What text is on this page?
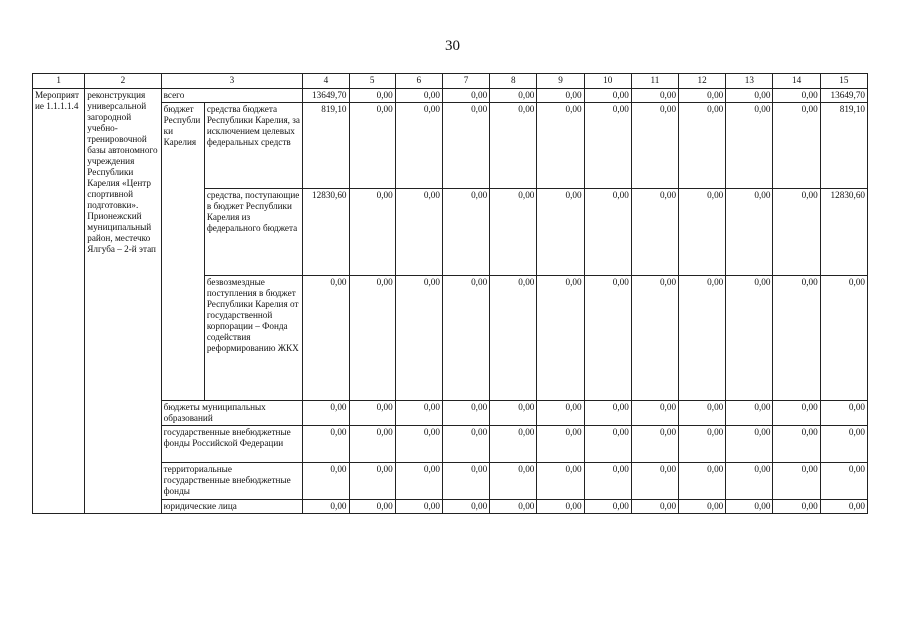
30
1	2	3		4	5	6	7	8	9	10	11	12	13	14	15
Мероприятие 1.1.1.1.4	реконструкция универсальной загородной учебно-тренировочной базы автономного учреждения Республики Карелия «Центр спортивной подготовки». Прионежский муниципальный район, местечко Ялгуба – 2-й этап	всего		13649,70	0,00	0,00	0,00	0,00	0,00	0,00	0,00	0,00	0,00	0,00	13649,70
		бюджет Республики Карелия	средства бюджета Республики Карелия, за исключением целевых федеральных средств	819,10	0,00	0,00	0,00	0,00	0,00	0,00	0,00	0,00	0,00	0,00	819,10
			средства, поступающие в бюджет Республики Карелия из федерального бюджета	12830,60	0,00	0,00	0,00	0,00	0,00	0,00	0,00	0,00	0,00	0,00	12830,60
			безвозмездные поступления в бюджет Республики Карелия от государственной корпорации – Фонда содействия реформированию ЖКХ	0,00	0,00	0,00	0,00	0,00	0,00	0,00	0,00	0,00	0,00	0,00	0,00
		бюджеты муниципальных образований		0,00	0,00	0,00	0,00	0,00	0,00	0,00	0,00	0,00	0,00	0,00	0,00
		государственные внебюджетные фонды Российской Федерации		0,00	0,00	0,00	0,00	0,00	0,00	0,00	0,00	0,00	0,00	0,00	0,00
		территориальные государственные внебюджетные фонды		0,00	0,00	0,00	0,00	0,00	0,00	0,00	0,00	0,00	0,00	0,00	0,00
		юридические лица		0,00	0,00	0,00	0,00	0,00	0,00	0,00	0,00	0,00	0,00	0,00	0,00
